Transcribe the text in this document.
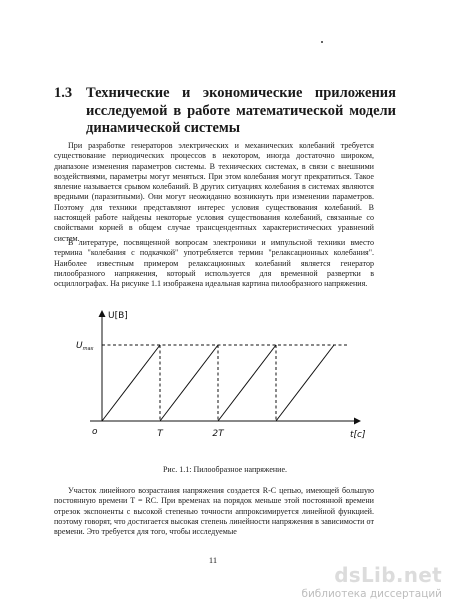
1.3 Технические и экономические приложения исследуемой в работе математической модели динамической системы
При разработке генераторов электрических и механических колебаний требуется существование периодических процессов в некотором, иногда достаточно широком, диапазоне изменения параметров системы. В технических системах, в связи с внешними воздействиями, параметры могут меняться. При этом колебания могут прекратиться. Такое явление называется срывом колебаний. В других ситуациях колебания в системах являются вредными (паразитными). Они могут неожиданно возникнуть при изменении параметров. Поэтому для техники представляют интерес условия существования колебаний. В настоящей работе найдены некоторые условия существования колебаний, связанные со свойствами корней в общем случае трансцендентных характеристических уравнений систем.
В литературе, посвященной вопросам электроники и импульсной техники вместо термина "колебания с подкачкой" употребляется термин "релаксационных колебания". Наиболее известным примером релаксационных колебаний является генератор пилообразного напряжения, который используется для временной развертки в осциллографах. На рисунке 1.1 изображена идеальная картина пилообразного напряжения.
U[B]
t[c]
o
$U_{max}$
T	2T
Рис. 1.1: Пилообразное напряжение.
Участок линейного возрастания напряжения создается R-C цепью, имеющей большую постоянную времени T = RC. При временах на порядок меньше этой постоянной времени отрезок экспоненты с высокой степенью точности аппроксимируется линейной функцией. поэтому говорят, что достигается высокая степень линейности напряжения в зависимости от времени. Это требуется для того, чтобы исследуемые
11
dsLib.net
библиотека диссертаций
